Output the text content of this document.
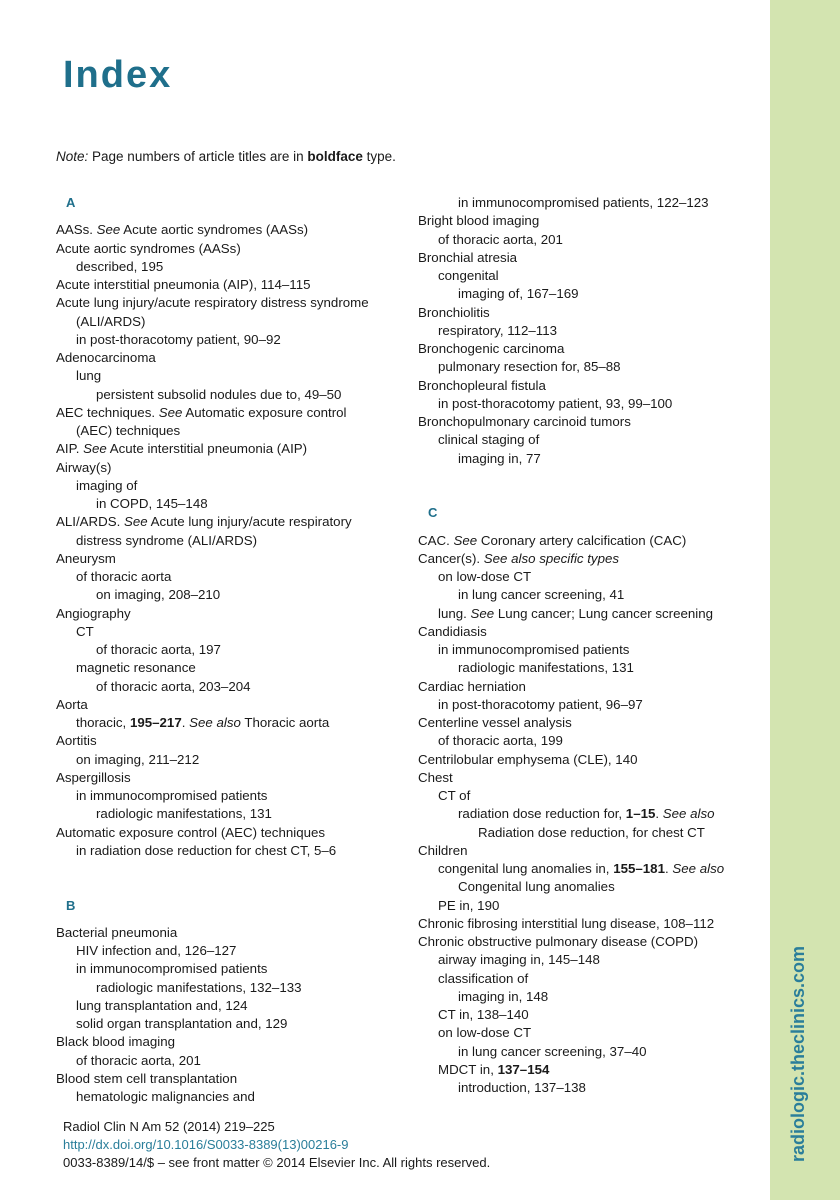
radiologic.theclinics.com
Index
Note: Page numbers of article titles are in boldface type.
A
AASs. See Acute aortic syndromes (AASs)
Acute aortic syndromes (AASs)
described, 195
Acute interstitial pneumonia (AIP), 114–115
Acute lung injury/acute respiratory distress syndrome
(ALI/ARDS)
in post-thoracotomy patient, 90–92
Adenocarcinoma
lung
persistent subsolid nodules due to, 49–50
AEC techniques. See Automatic exposure control
(AEC) techniques
AIP. See Acute interstitial pneumonia (AIP)
Airway(s)
imaging of
in COPD, 145–148
ALI/ARDS. See Acute lung injury/acute respiratory
distress syndrome (ALI/ARDS)
Aneurysm
of thoracic aorta
on imaging, 208–210
Angiography
CT
of thoracic aorta, 197
magnetic resonance
of thoracic aorta, 203–204
Aorta
thoracic, 195–217. See also Thoracic aorta
Aortitis
on imaging, 211–212
Aspergillosis
in immunocompromised patients
radiologic manifestations, 131
Automatic exposure control (AEC) techniques
in radiation dose reduction for chest CT, 5–6
B
Bacterial pneumonia
HIV infection and, 126–127
in immunocompromised patients
radiologic manifestations, 132–133
lung transplantation and, 124
solid organ transplantation and, 129
Black blood imaging
of thoracic aorta, 201
Blood stem cell transplantation
hematologic malignancies and
in immunocompromised patients, 122–123
Bright blood imaging
of thoracic aorta, 201
Bronchial atresia
congenital
imaging of, 167–169
Bronchiolitis
respiratory, 112–113
Bronchogenic carcinoma
pulmonary resection for, 85–88
Bronchopleural fistula
in post-thoracotomy patient, 93, 99–100
Bronchopulmonary carcinoid tumors
clinical staging of
imaging in, 77
C
CAC. See Coronary artery calcification (CAC)
Cancer(s). See also specific types
on low-dose CT
in lung cancer screening, 41
lung. See Lung cancer; Lung cancer screening
Candidiasis
in immunocompromised patients
radiologic manifestations, 131
Cardiac herniation
in post-thoracotomy patient, 96–97
Centerline vessel analysis
of thoracic aorta, 199
Centrilobular emphysema (CLE), 140
Chest
CT of
radiation dose reduction for, 1–15. See also
Radiation dose reduction, for chest CT
Children
congenital lung anomalies in, 155–181. See also
Congenital lung anomalies
PE in, 190
Chronic fibrosing interstitial lung disease, 108–112
Chronic obstructive pulmonary disease (COPD)
airway imaging in, 145–148
classification of
imaging in, 148
CT in, 138–140
on low-dose CT
in lung cancer screening, 37–40
MDCT in, 137–154
introduction, 137–138
Radiol Clin N Am 52 (2014) 219–225
http://dx.doi.org/10.1016/S0033-8389(13)00216-9
0033-8389/14/$ – see front matter © 2014 Elsevier Inc. All rights reserved.
